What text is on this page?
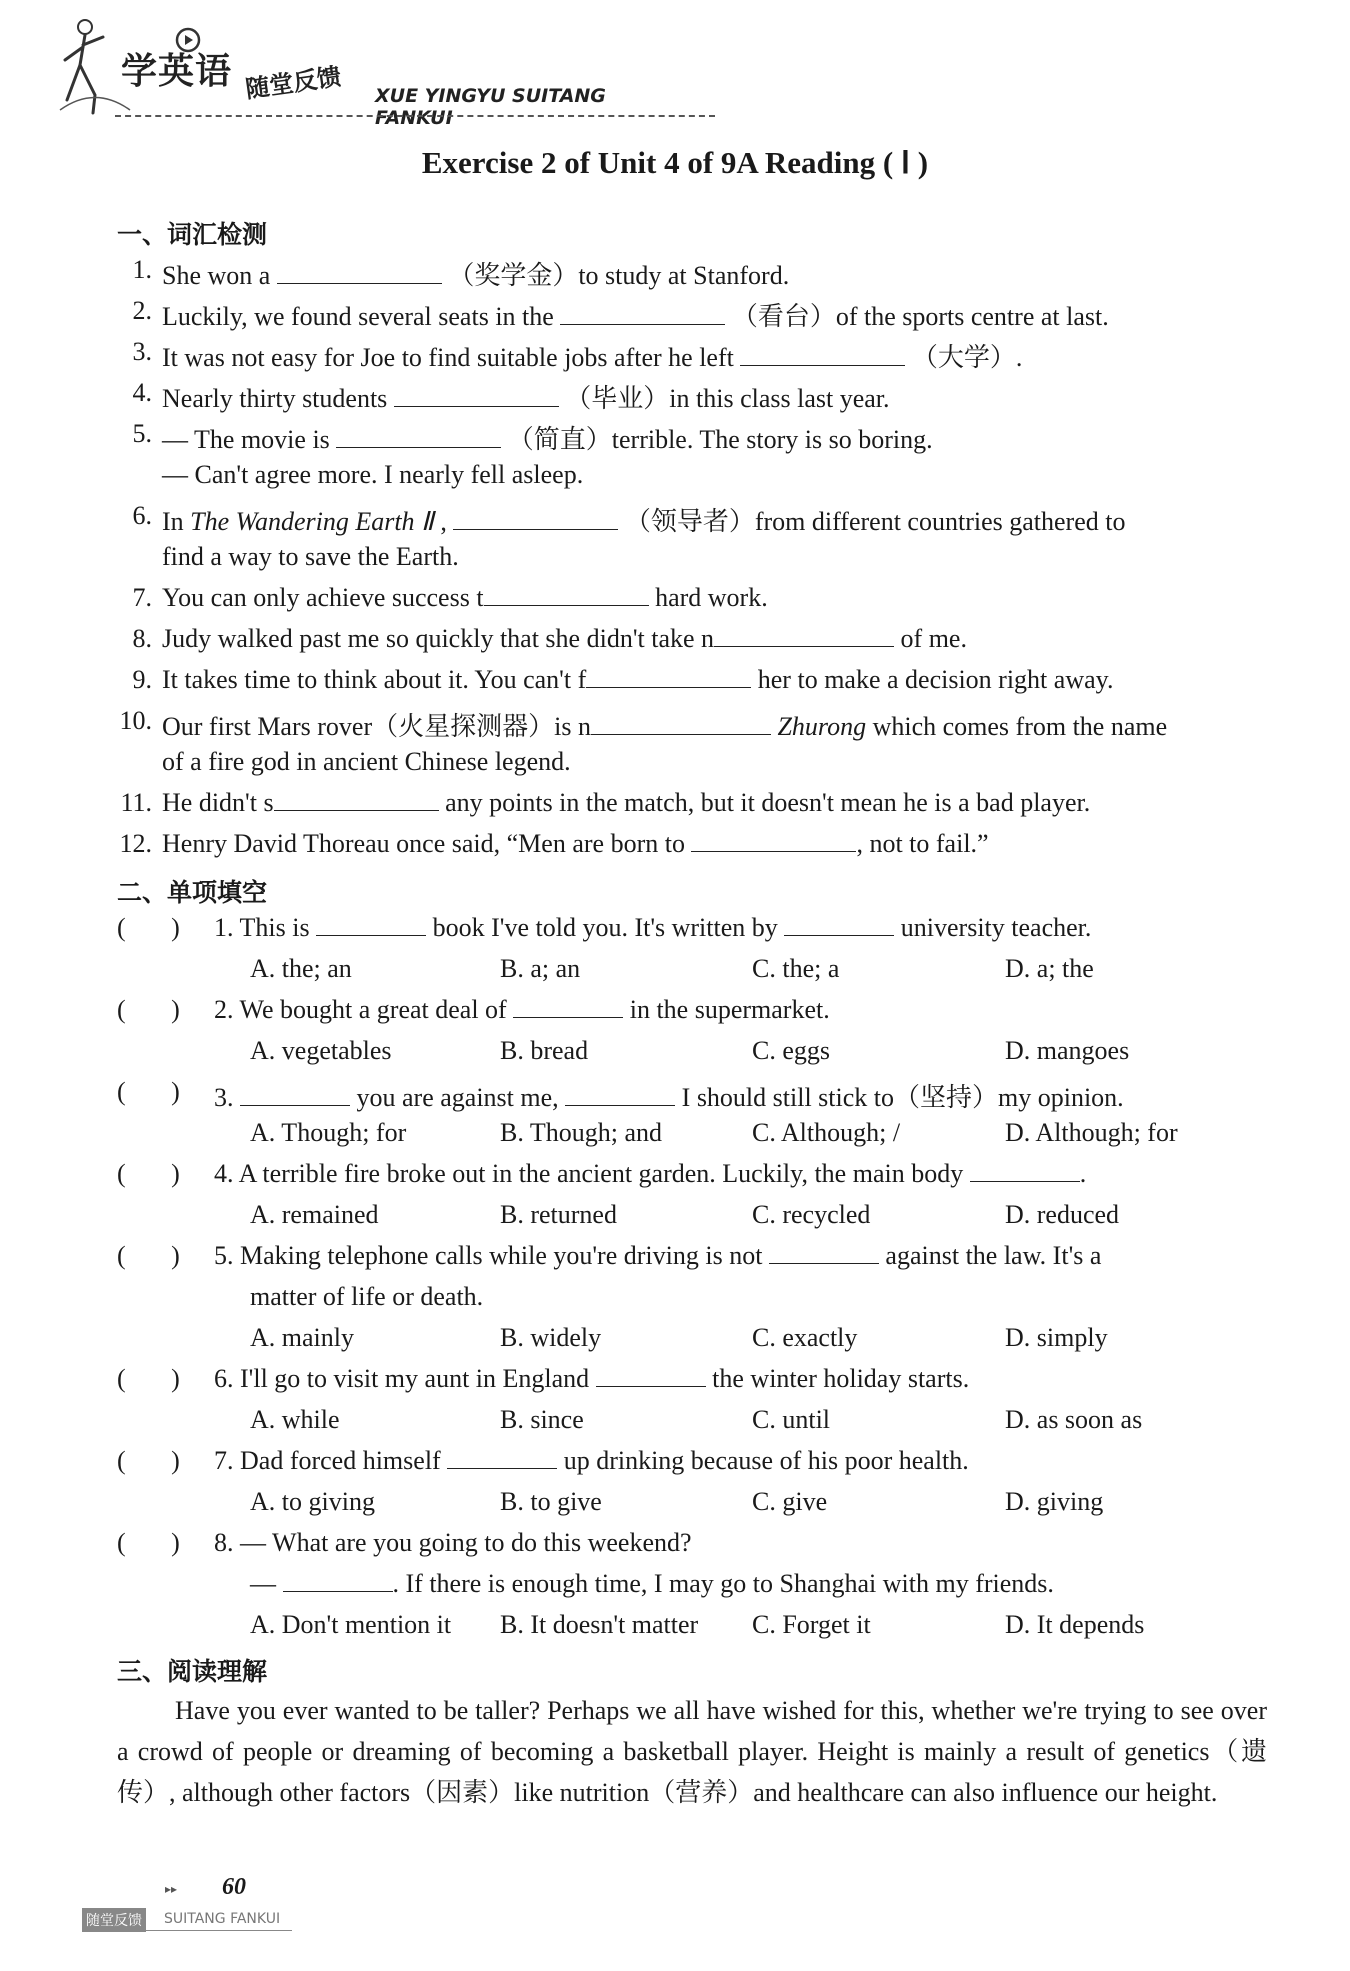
学英语 随堂反馈 XUE YINGYU SUITANG FANKUI
Exercise 2 of Unit 4 of 9A Reading ( Ⅰ )
一、词汇检测
1. She won a	（奖学金）to study at Stanford.
2. Luckily, we found several seats in the	（看台）of the sports centre at last.
3. It was not easy for Joe to find suitable jobs after he left	（大学）.
4. Nearly thirty students	（毕业）in this class last year.
5. — The movie is	（简直）terrible. The story is so boring.
— Can't agree more. I nearly fell asleep.
6. In The Wandering Earth Ⅱ ,	（领导者）from different countries gathered to
find a way to save the Earth.
7. You can only achieve success t	hard work.
8. Judy walked past me so quickly that she didn't take n	of me.
9. It takes time to think about it. You can't f	her to make a decision right away.
10. Our first Mars rover（火星探测器）is n	Zhurong which comes from the name
of a fire god in ancient Chinese legend.
11. He didn't s	any points in the match, but it doesn't mean he is a bad player.
12. Henry David Thoreau once said, “Men are born to	, not to fail.”
二、单项填空
(       ) 1. This is	book I've told you. It's written by	university teacher.
A. the; an	B. a; an	C. the; a	D. a; the
(       ) 2. We bought a great deal of	in the supermarket.
A. vegetables	B. bread	C. eggs	D. mangoes
(       ) 3.	you are against me,	I should still stick to（坚持）my opinion.
A. Though; for	B. Though; and	C. Although; /	D. Although; for
(       ) 4. A terrible fire broke out in the ancient garden. Luckily, the main body	.
A. remained	B. returned	C. recycled	D. reduced
(       ) 5. Making telephone calls while you're driving is not	against the law. It's a
matter of life or death.
A. mainly	B. widely	C. exactly	D. simply
(       ) 6. I'll go to visit my aunt in England	the winter holiday starts.
A. while	B. since	C. until	D. as soon as
(       ) 7. Dad forced himself	up drinking because of his poor health.
A. to giving	B. to give	C. give	D. giving
(       ) 8. — What are you going to do this weekend?
—	. If there is enough time, I may go to Shanghai with my friends.
A. Don't mention it B. It doesn't matter C. Forget it	D. It depends
三、阅读理解

Have you ever wanted to be taller? Perhaps we all have wished for this, whether we're trying to see over a crowd of people or dreaming of becoming a basketball player. Height is mainly a result of genetics（遗传）, although other factors（因素）like nutrition（营养）and healthcare can also influence our height.

▸▸ 60
随堂反馈 SUITANG FANKUI
